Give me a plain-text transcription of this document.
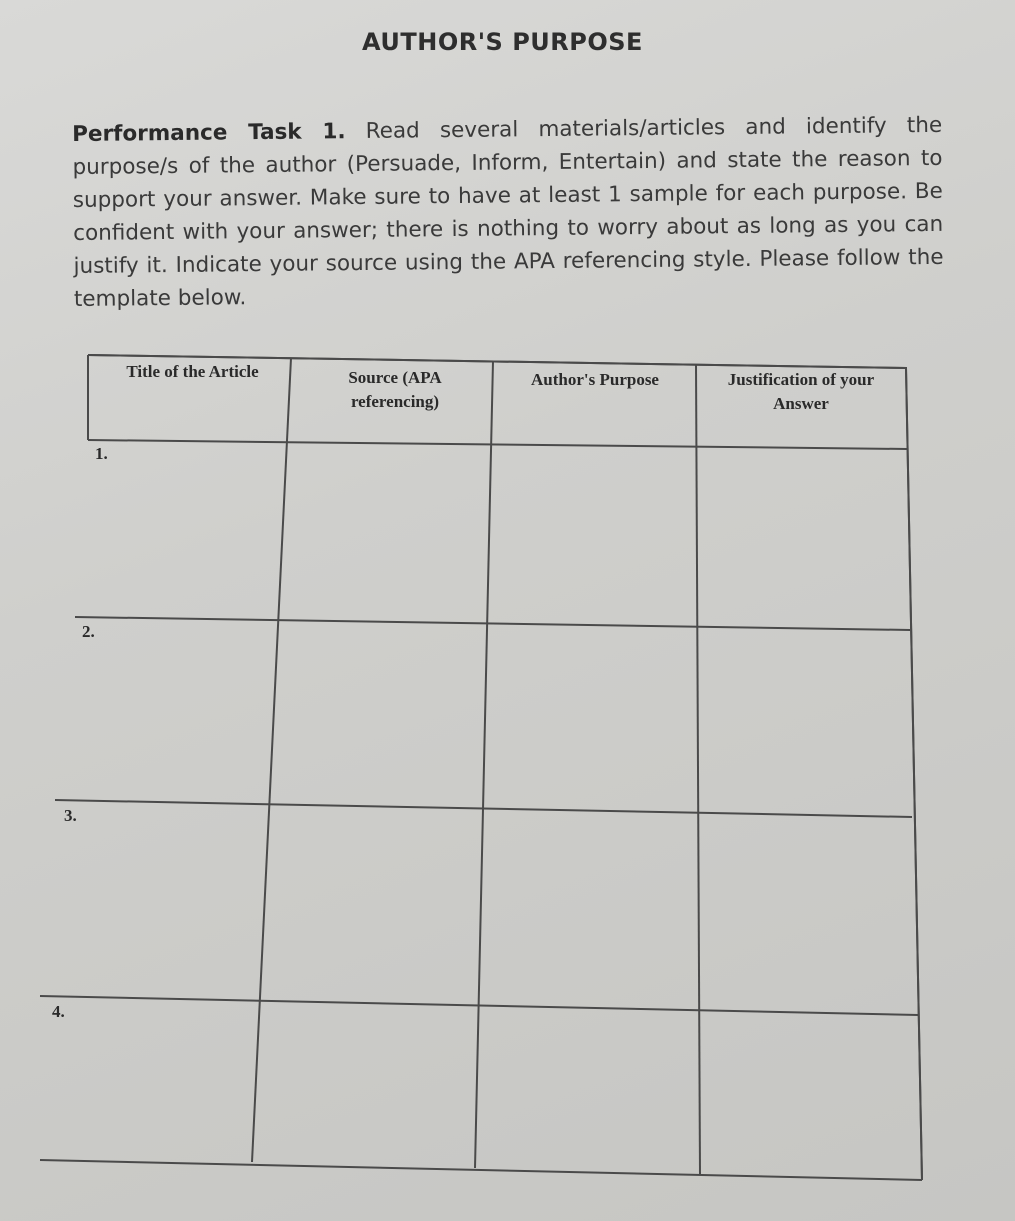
AUTHOR'S PURPOSE
Performance Task 1. Read several materials/articles and identify the purpose/s of the author (Persuade, Inform, Entertain) and state the reason to support your answer. Make sure to have at least 1 sample for each purpose. Be confident with your answer; there is nothing to worry about as long as you can justify it. Indicate your source using the APA referencing style. Please follow the template below.
Title of the Article	Source (APA referencing)
Author's Purpose	Justification of your Answer
1.
2.
3.
4.
